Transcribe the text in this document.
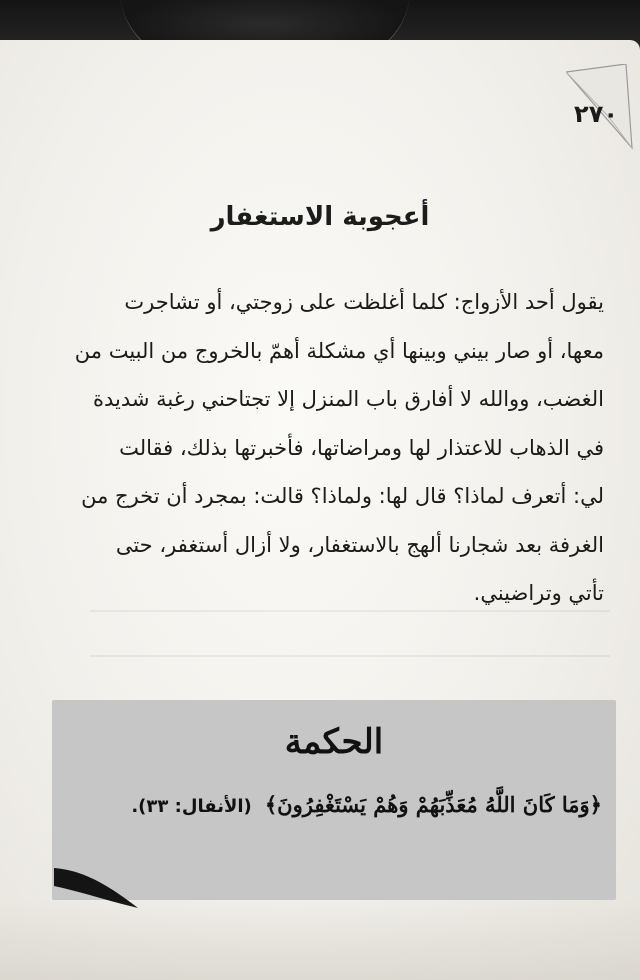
٢٧٠
أعجوبة الاستغفار
يقول أحد الأزواج: كلما أغلظت على زوجتي، أو تشاجرت
معها، أو صار بيني وبينها أي مشكلة أهمّ بالخروج من البيت من
الغضب، ووالله لا أفارق باب المنزل إلا تجتاحني رغبة شديدة
في الذهاب للاعتذار لها ومراضاتها، فأخبرتها بذلك، فقالت
لي: أتعرف لماذا؟ قال لها: ولماذا؟ قالت: بمجرد أن تخرج من
الغرفة بعد شجارنا ألهج بالاستغفار، ولا أزال أستغفر، حتى
تأتي وتراضيني.
الحكمة
﴿وَمَا كَانَ اللَّهُ مُعَذِّبَهُمْ وَهُمْ يَسْتَغْفِرُونَ﴾ (الأنفال: ٣٣).
